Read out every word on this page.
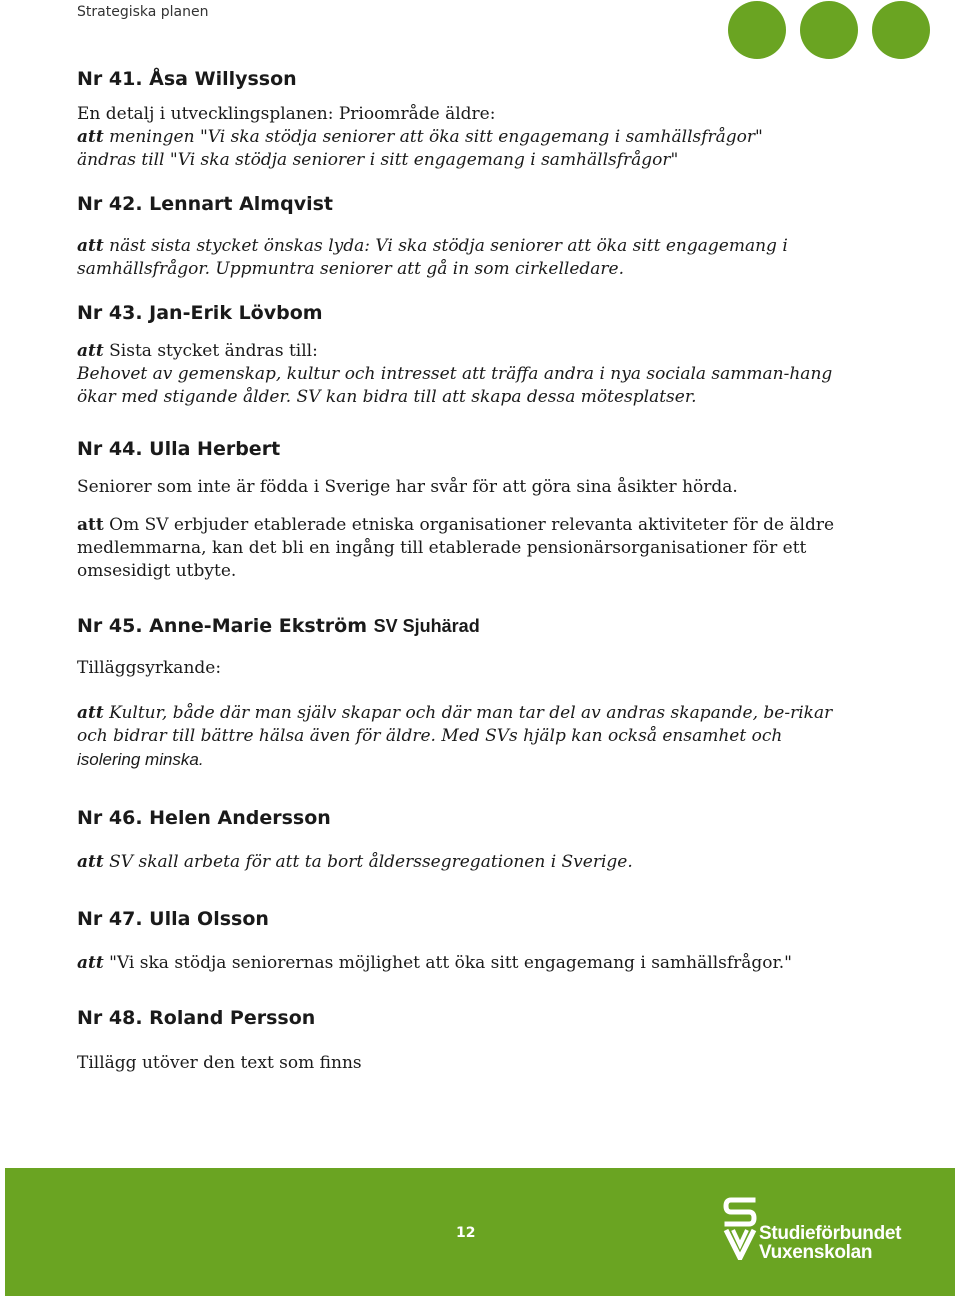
Strategiska planen
Nr 41. Åsa Willysson

En detalj i utvecklingsplanen: Prioområde äldre:
att meningen "Vi ska stödja seniorer att öka sitt engagemang i samhällsfrågor"
ändras till "Vi ska stödja seniorer i sitt engagemang i samhällsfrågor"

Nr 42. Lennart Almqvist

att näst sista stycket önskas lyda: Vi ska stödja seniorer att öka sitt engagemang i samhällsfrågor. Uppmuntra seniorer att gå in som cirkelledare.

Nr 43. Jan-Erik Lövbom

att Sista stycket ändras till:
Behovet av gemenskap, kultur och intresset att träffa andra i nya sociala samman-hang ökar med stigande ålder. SV kan bidra till att skapa dessa mötesplatser.

Nr 44. Ulla Herbert

Seniorer som inte är födda i Sverige har svår för att göra sina åsikter hörda.

att Om SV erbjuder etablerade etniska organisationer relevanta aktiviteter för de äldre medlemmarna, kan det bli en ingång till etablerade pensionärsorganisationer för ett omsesidigt utbyte.

Nr 45. Anne-Marie Ekström SV Sjuhärad

Tilläggsyrkande:

att Kultur, både där man själv skapar och där man tar del av andras skapande, be-rikar och bidrar till bättre hälsa även för äldre. Med SVs hjälp kan också ensamhet och isolering minska.

Nr 46. Helen Andersson

att SV skall arbeta för att ta bort ålderssegregationen i Sverige.

Nr 47. Ulla Olsson

att "Vi ska stödja seniorernas möjlighet att öka sitt engagemang i samhällsfrågor."

Nr 48. Roland Persson

Tillägg utöver den text som finns

12	Studieförbundet
Vuxenskolan
